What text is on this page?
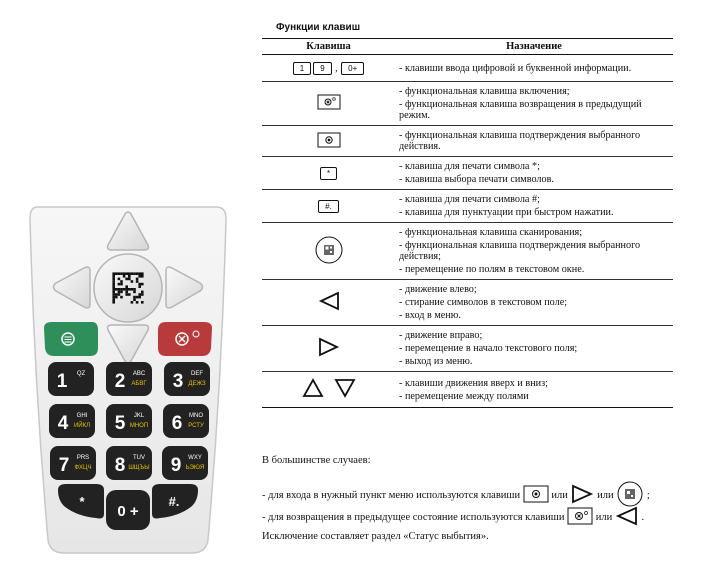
1 QZ 2 ABC
АБВГ 3 DEF
ДЕЖЗ
4 GHI
ИЙКЛ 5 JKL
МНОП 6 MNO
РСТУ
7 PRS
ФХЦЧ 8 TUV
ШЩЪЫ 9 WXY
ЬЭЮЯ
*
0 +
#.
Функции клавиш
Клавиша	Назначение
1 9 , 0+	- клавиши ввода цифровой и буквенной информации.

- функциональная клавиша включения;
- функциональная клавиша возвращения в предыдущий режим.

- функциональная клавиша подтверждения выбранного действия.

*	- клавиша для печати символа *;
- клавиша выбора печати символов.

#.	- клавиша для печати символа #;
- клавиша для пунктуации при быстром нажатии.

- функциональная клавиша сканирования;
- функциональная клавиша подтверждения выбранного действия;
- перемещение по полям в текстовом окне.

- движение влево;
- стирание символов в текстовом поле;
- вход в меню.

- движение вправо;
- перемещение в начало текстового поля;
- выход из меню.

- клавиши движения вверх и вниз;
- перемещение между полями
В большинстве случаев:
- для входа в нужный пункт меню используются клавиши	или	или	;
- для возвращения в предыдущее состояние используются клавиши	или	.
Исключение составляет раздел «Статус выбытия».
